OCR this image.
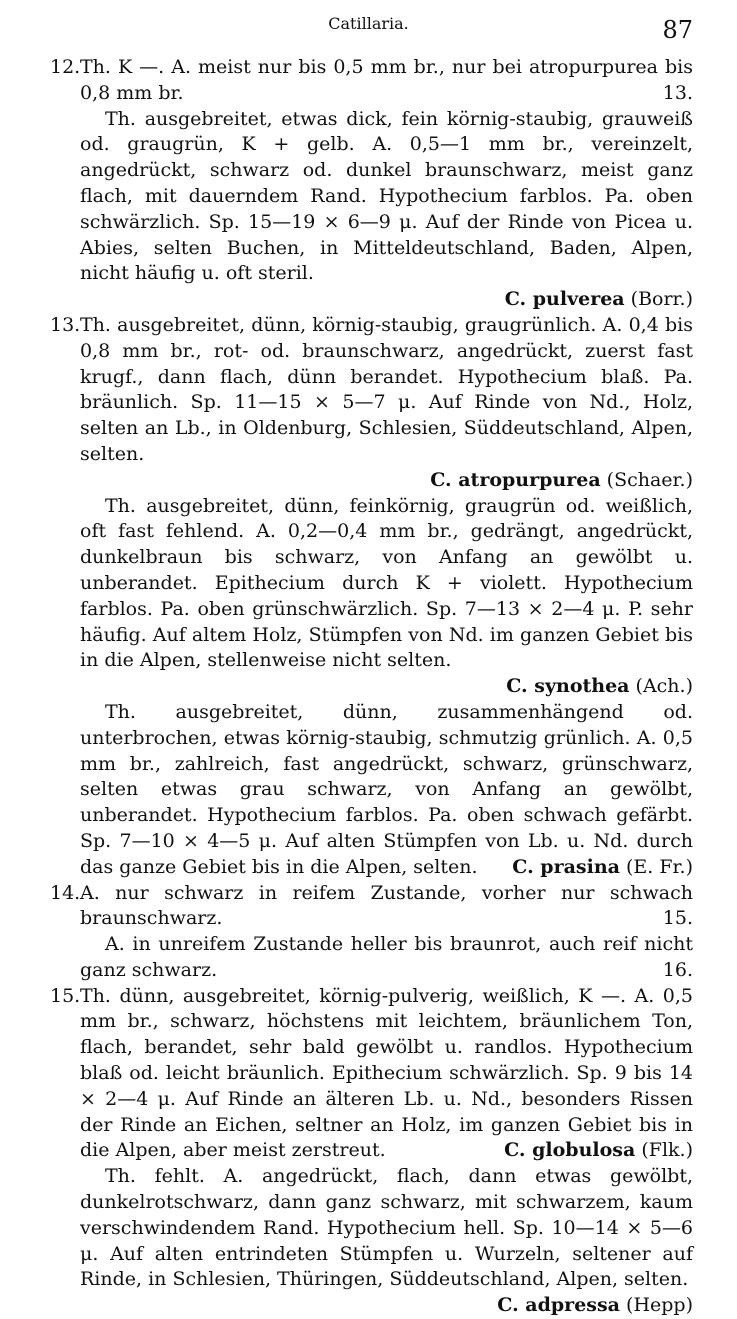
Catillaria.	87

12.Th. K —. A. meist nur bis 0,5 mm br., nur bei atropurpurea bis 0,8 mm br.	13.

Th. ausgebreitet, etwas dick, fein körnig-staubig, grauweiß od. graugrün, K + gelb. A. 0,5—1 mm br., vereinzelt, angedrückt, schwarz od. dunkel braunschwarz, meist ganz flach, mit dauerndem Rand. Hypothecium farblos. Pa. oben schwärzlich. Sp. 15—19 × 6—9 μ. Auf der Rinde von Picea u. Abies, selten Buchen, in Mitteldeutschland, Baden, Alpen, nicht häufig u. oft steril.
C. pulverea (Borr.)

13.Th. ausgebreitet, dünn, körnig-staubig, graugrünlich. A. 0,4 bis 0,8 mm br., rot- od. braunschwarz, angedrückt, zuerst fast krugf., dann flach, dünn berandet. Hypothecium blaß. Pa. bräunlich. Sp. 11—15 × 5—7 μ. Auf Rinde von Nd., Holz, selten an Lb., in Oldenburg, Schlesien, Süddeutschland, Alpen, selten.
C. atropurpurea (Schaer.)

Th. ausgebreitet, dünn, feinkörnig, graugrün od. weißlich, oft fast fehlend. A. 0,2—0,4 mm br., gedrängt, angedrückt, dunkelbraun bis schwarz, von Anfang an gewölbt u. unberandet. Epithecium durch K + violett. Hypothecium farblos. Pa. oben grünschwärzlich. Sp. 7—13 × 2—4 μ. P. sehr häufig. Auf altem Holz, Stümpfen von Nd. im ganzen Gebiet bis in die Alpen, stellenweise nicht selten.
C. synothea (Ach.)

Th. ausgebreitet, dünn, zusammenhängend od. unterbrochen, etwas körnig-staubig, schmutzig grünlich. A. 0,5 mm br., zahlreich, fast angedrückt, schwarz, grünschwarz, selten etwas grau schwarz, von Anfang an gewölbt, unberandet. Hypothecium farblos. Pa. oben schwach gefärbt. Sp. 7—10 × 4—5 μ. Auf alten Stümpfen von Lb. u. Nd. durch das ganze Gebiet bis in die Alpen, selten.	C. prasina (E. Fr.)

14.A. nur schwarz in reifem Zustande, vorher nur schwach braunschwarz.	15.

A. in unreifem Zustande heller bis braunrot, auch reif nicht ganz schwarz.	16.

15.Th. dünn, ausgebreitet, körnig-pulverig, weißlich, K —. A. 0,5 mm br., schwarz, höchstens mit leichtem, bräunlichem Ton, flach, berandet, sehr bald gewölbt u. randlos. Hypothecium blaß od. leicht bräunlich. Epithecium schwärzlich. Sp. 9 bis 14 × 2—4 μ. Auf Rinde an älteren Lb. u. Nd., besonders Rissen der Rinde an Eichen, seltner an Holz, im ganzen Gebiet bis in die Alpen, aber meist zerstreut.	C. globulosa (Flk.)

Th. fehlt. A. angedrückt, flach, dann etwas gewölbt, dunkelrotschwarz, dann ganz schwarz, mit schwarzem, kaum verschwindendem Rand. Hypothecium hell. Sp. 10—14 × 5—6 μ. Auf alten entrindeten Stümpfen u. Wurzeln, seltener auf Rinde, in Schlesien, Thüringen, Süddeutschland, Alpen, selten.
C. adpressa (Hepp)
